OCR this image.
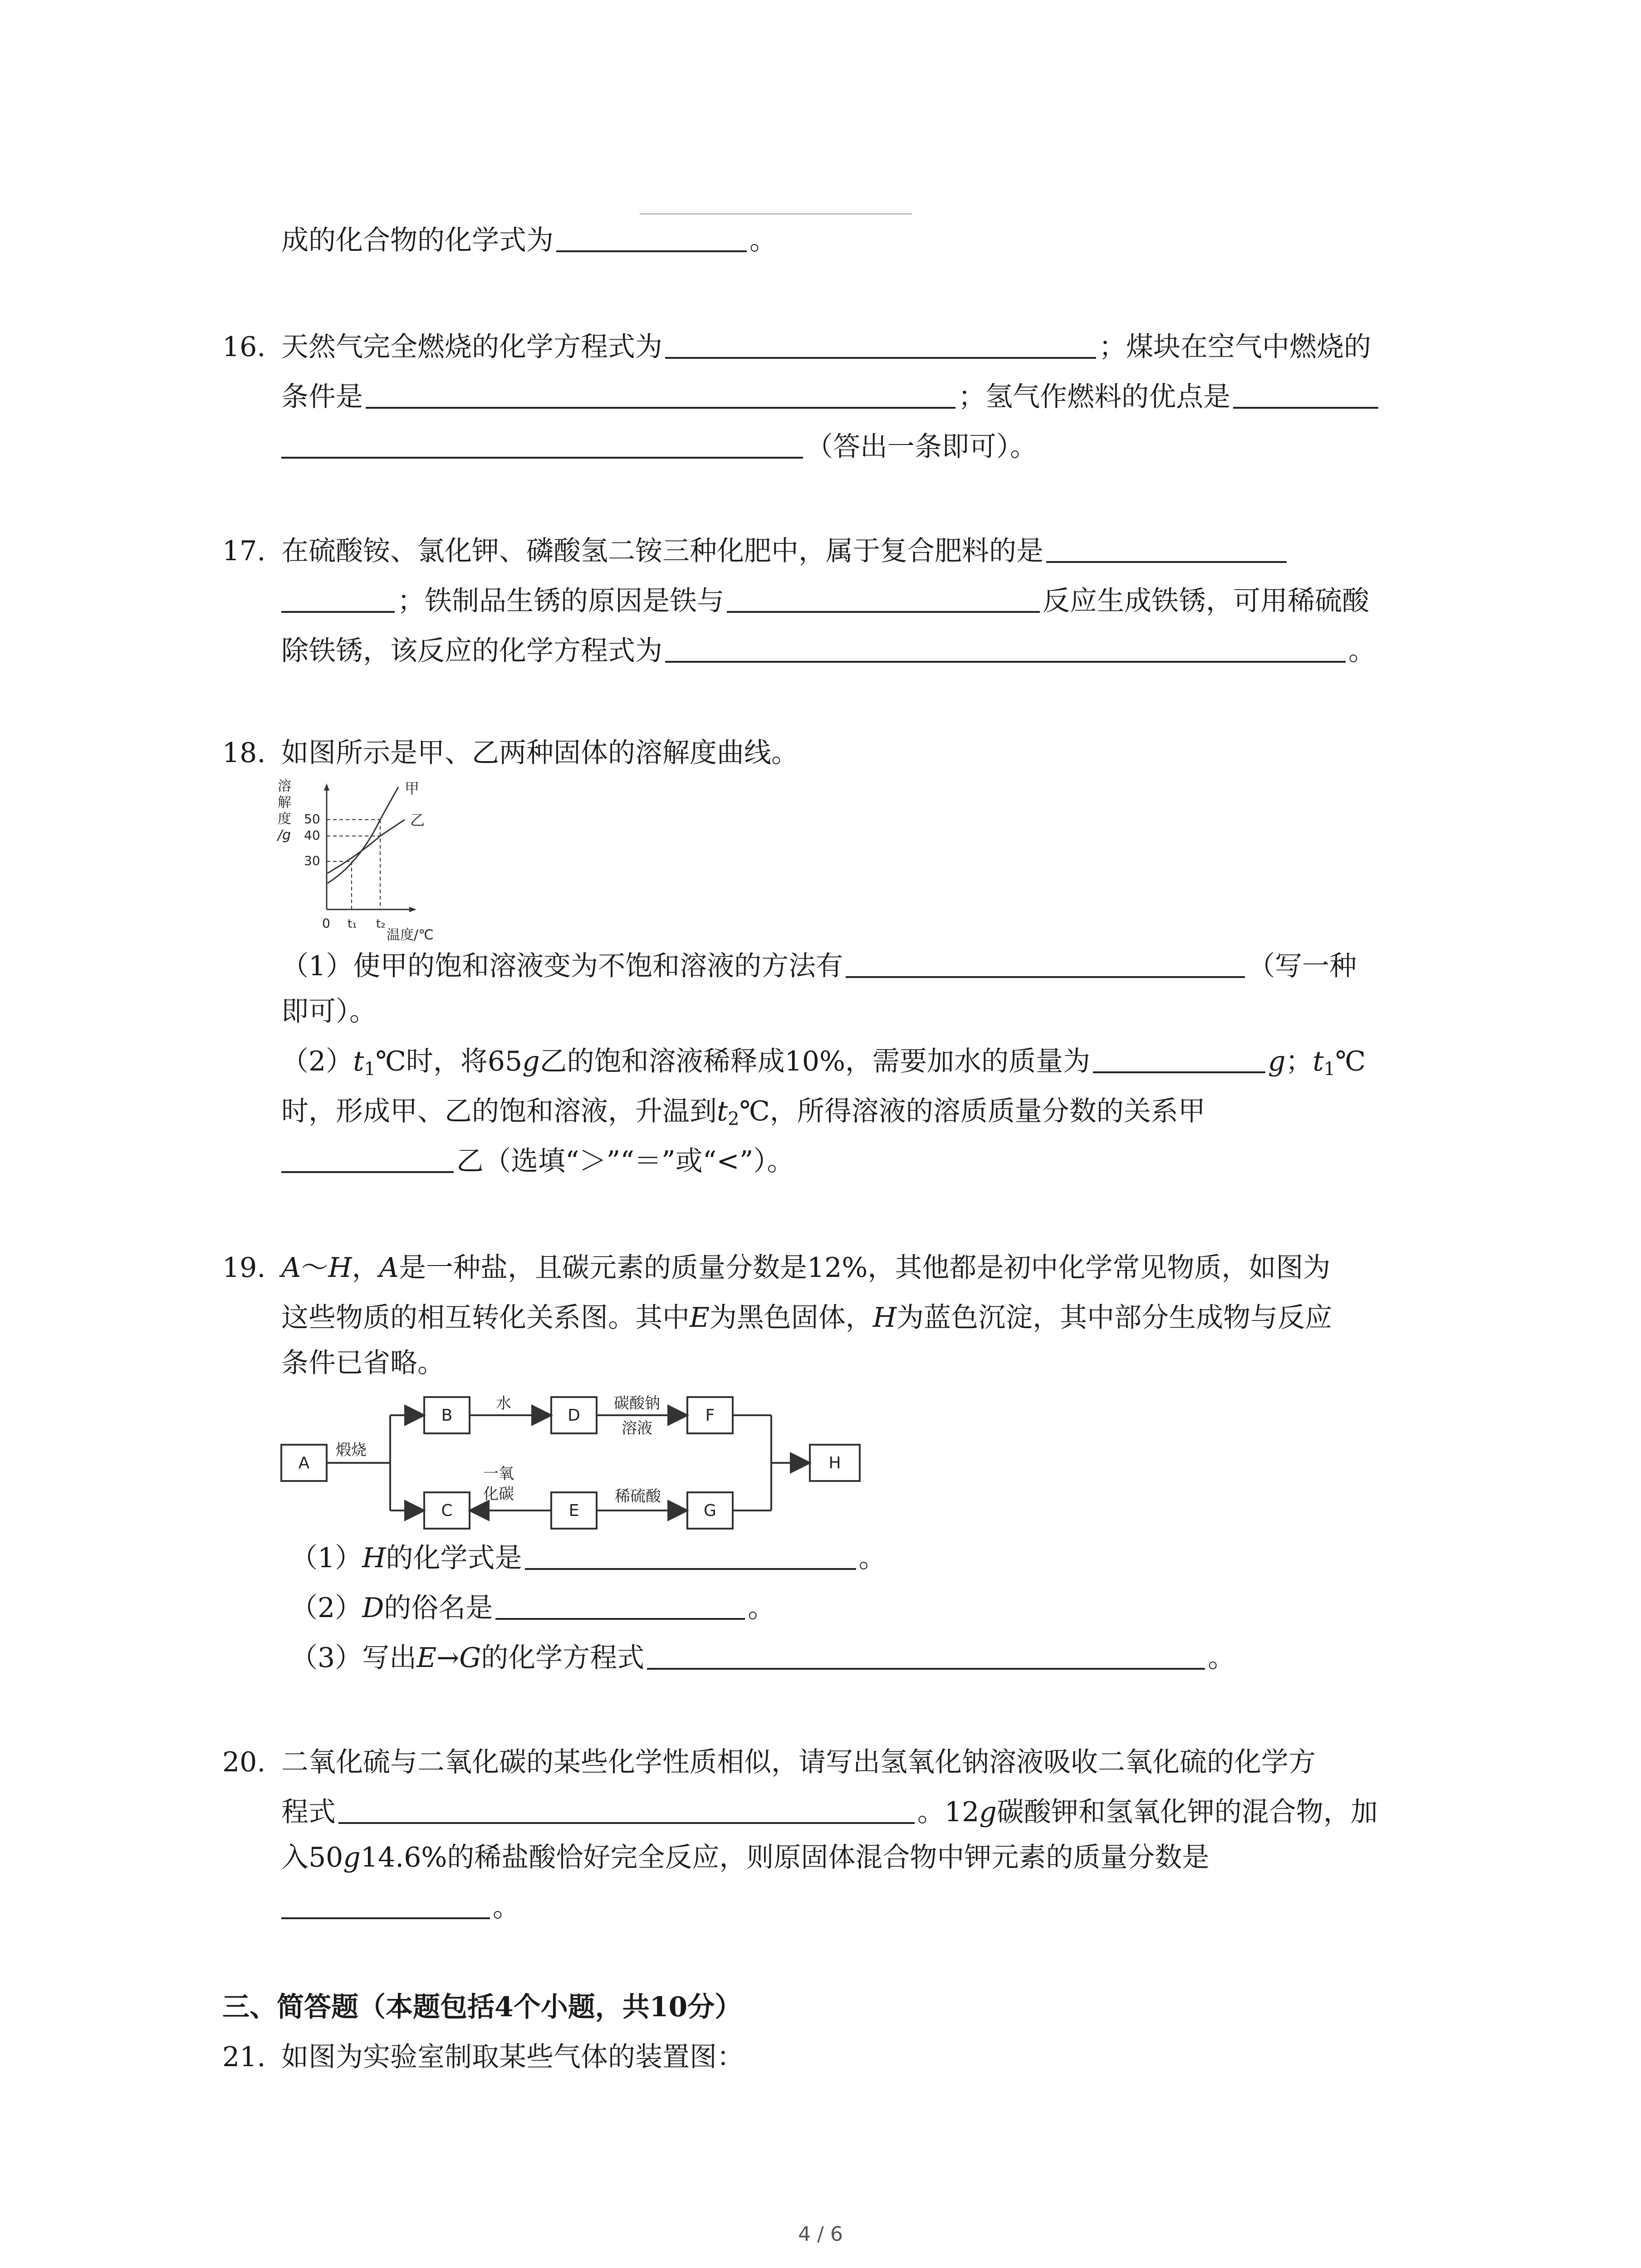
成的化合物的化学式为	。
16. 天然气完全燃烧的化学方程式为	；煤块在空气中燃烧的
条件是	；氢气作燃料的优点是
（答出一条即可）。
17. 在硫酸铵、氯化钾、磷酸氢二铵三种化肥中，属于复合肥料的是
；铁制品生锈的原因是铁与	反应生成铁锈，可用稀硫酸
除铁锈，该反应的化学方程式为	。
18. 如图所示是甲、乙两种固体的溶解度曲线。
溶
解
度
/g
50
40
30
甲
乙
0 t₁ t₂
温度/℃
（1）使甲的饱和溶液变为不饱和溶液的方法有	（写一种
即可）。
$(2)t_1℃$时，将65g乙的饱和溶液稀释成10%，需要加水的质量为	g；$t_1℃$
时，形成甲、乙的饱和溶液，升温到$t_2℃$，所得溶液的溶质质量分数的关系甲
乙（选填“＞”“＝”或“<”）。
19. A～H，A是一种盐，且碳元素的质量分数是12%，其他都是初中化学常见物质，如图为
这些物质的相互转化关系图。其中E为黑色固体，H为蓝色沉淀，其中部分生成物与反应
条件已省略。
A
B
C
D
E
F
G
H
煅烧
水	碳酸钠
溶液
一氧
化碳	稀硫酸
（1）H的化学式是	。
（2）D的俗名是	。
（3）写出E→G的化学方程式	。
20. 二氧化硫与二氧化碳的某些化学性质相似，请写出氢氧化钠溶液吸收二氧化硫的化学方
程式	。12g碳酸钾和氢氧化钾的混合物，加
入50g14.6%的稀盐酸恰好完全反应，则原固体混合物中钾元素的质量分数是
。
三、简答题（本题包括4个小题，共10分）
21. 如图为实验室制取某些气体的装置图：
4 / 6
